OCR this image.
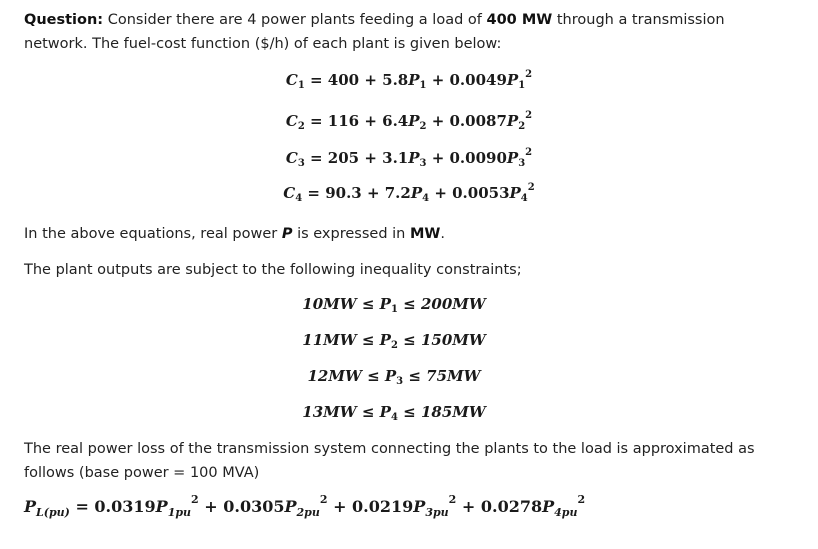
Question: Consider there are 4 power plants feeding a load of 400 MW through a transmission network. The fuel-cost function ($/h) of each plant is given below:
$C_1 = 400 + 5.8P_1 + 0.0049P_1^2$
$C_2 = 116 + 6.4P_2 + 0.0087P_2^2$
$C_3 = 205 + 3.1P_3 + 0.0090P_3^2$
$C_4 = 90.3 + 7.2P_4 + 0.0053P_4^2$
In the above equations, real power P is expressed in MW.
The plant outputs are subject to the following inequality constraints;
$10MW \le P_1 \le 200MW$
$11MW \le P_2 \le 150MW$
$12MW \le P_3 \le 75MW$
$13MW \le P_4 \le 185MW$
The real power loss of the transmission system connecting the plants to the load is approximated as follows (base power = 100 MVA)
$P_{L(pu)} = 0.0319P_{1pu}^2 + 0.0305P_{2pu}^2 + 0.0219P_{3pu}^2 + 0.0278P_{4pu}^2$
